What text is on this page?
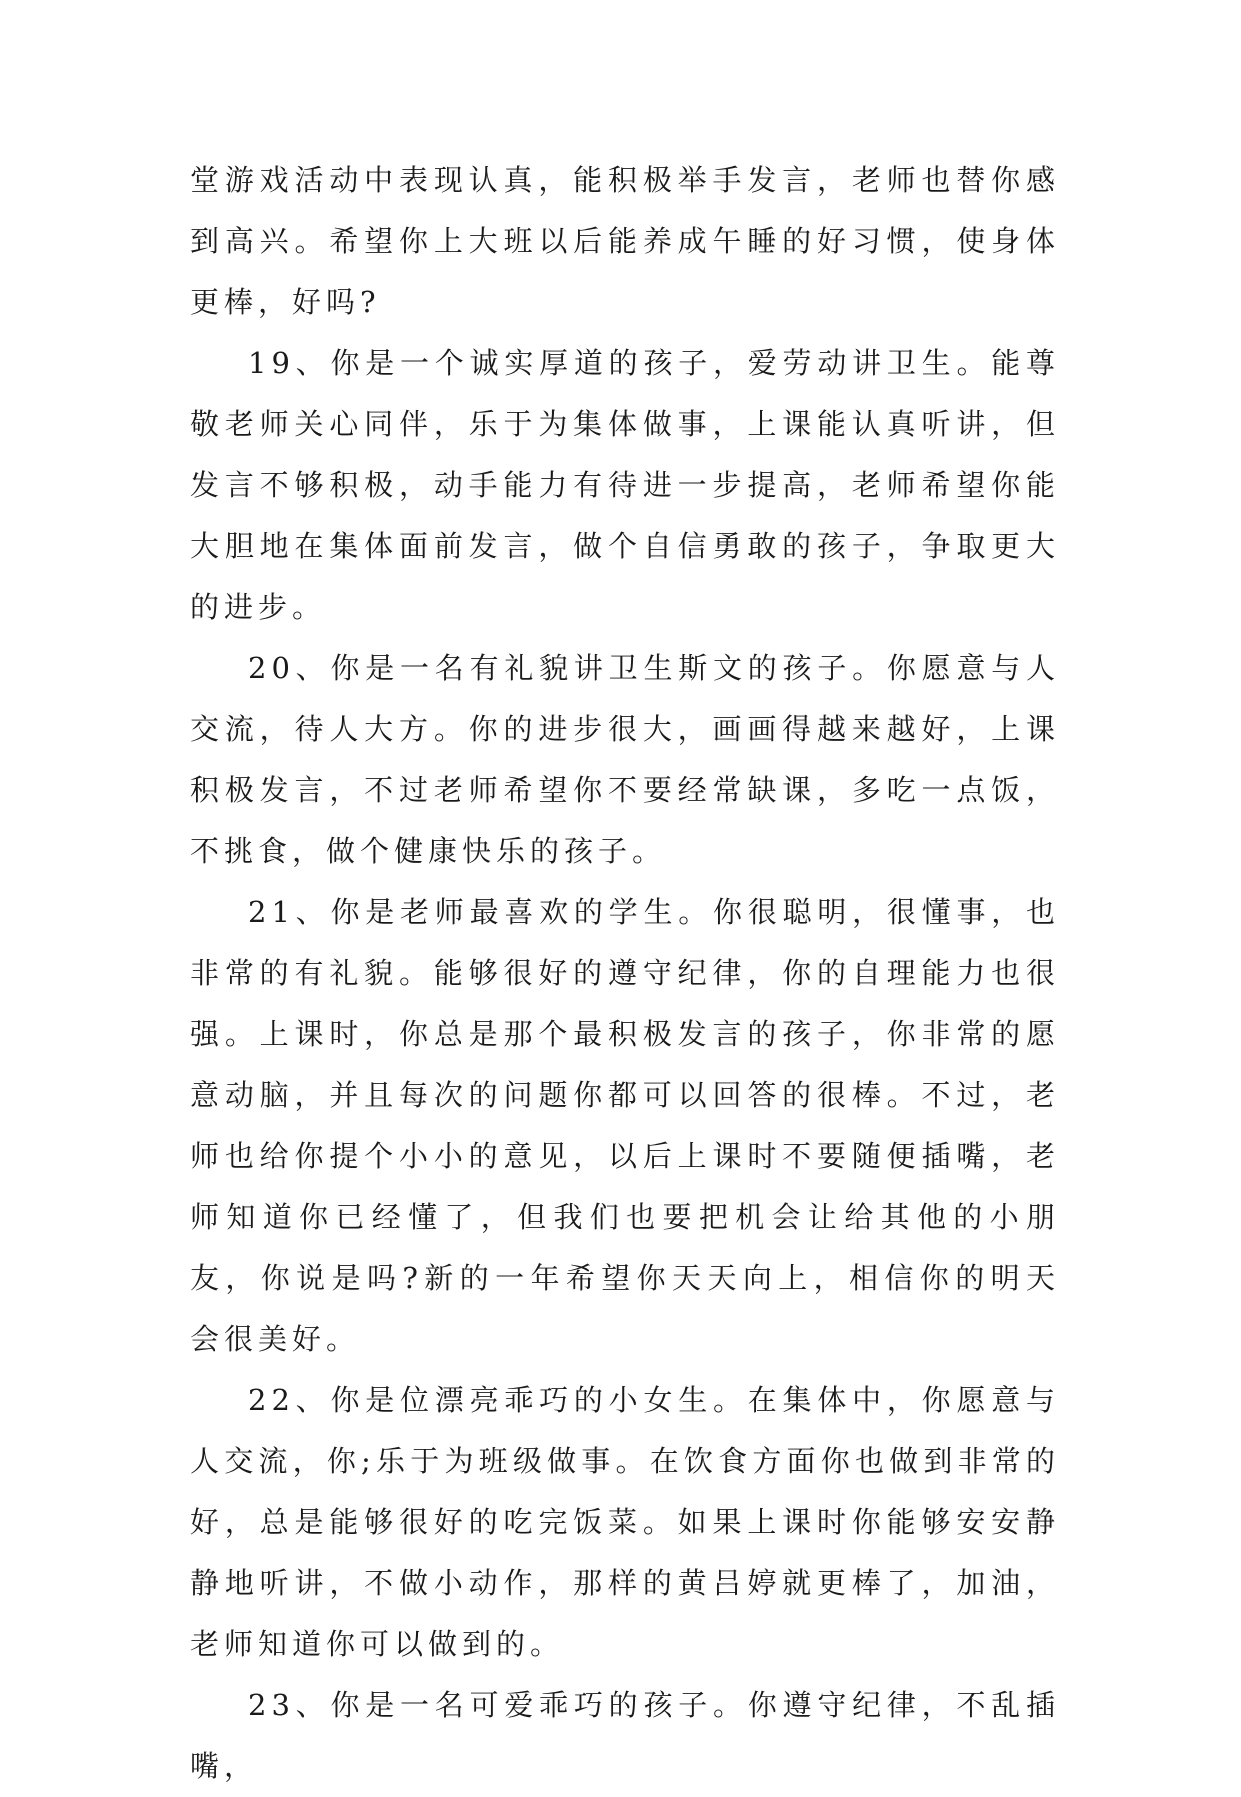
堂游戏活动中表现认真，能积极举手发言，老师也替你感到高兴。希望你上大班以后能养成午睡的好习惯，使身体更棒，好吗?

19、你是一个诚实厚道的孩子，爱劳动讲卫生。能尊敬老师关心同伴，乐于为集体做事，上课能认真听讲，但发言不够积极，动手能力有待进一步提高，老师希望你能大胆地在集体面前发言，做个自信勇敢的孩子，争取更大的进步。

20、你是一名有礼貌讲卫生斯文的孩子。你愿意与人交流，待人大方。你的进步很大，画画得越来越好，上课积极发言，不过老师希望你不要经常缺课，多吃一点饭，不挑食，做个健康快乐的孩子。

21、你是老师最喜欢的学生。你很聪明，很懂事，也非常的有礼貌。能够很好的遵守纪律，你的自理能力也很强。上课时，你总是那个最积极发言的孩子，你非常的愿意动脑，并且每次的问题你都可以回答的很棒。不过，老师也给你提个小小的意见，以后上课时不要随便插嘴，老师知道你已经懂了，但我们也要把机会让给其他的小朋友，你说是吗?新的一年希望你天天向上，相信你的明天会很美好。

22、你是位漂亮乖巧的小女生。在集体中，你愿意与人交流，你;乐于为班级做事。在饮食方面你也做到非常的好，总是能够很好的吃完饭菜。如果上课时你能够安安静静地听讲，不做小动作，那样的黄吕婷就更棒了，加油，老师知道你可以做到的。

23、你是一名可爱乖巧的孩子。你遵守纪律，不乱插嘴，
